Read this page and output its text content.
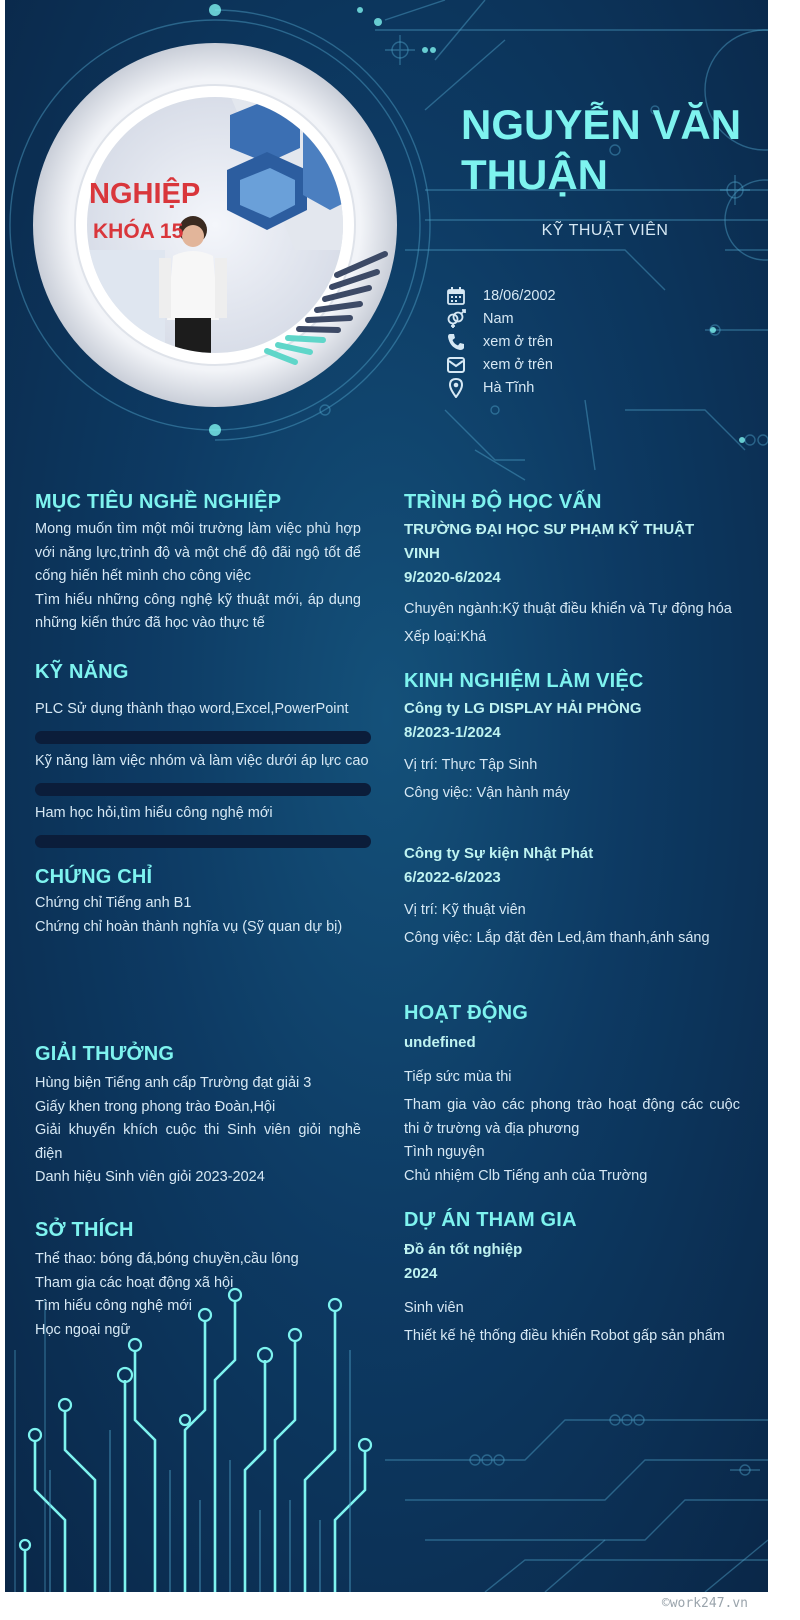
NGHIỆP
KHÓA 15
NGUYỄN VĂN THUẬN
KỸ THUẬT VIÊN
18/06/2002
Nam
xem ở trên
xem ở trên
Hà Tĩnh
MỤC TIÊU NGHỀ NGHIỆP
Mong muốn tìm một môi trường làm việc phù hợp với năng lực,trình độ và một chế độ đãi ngộ tốt để cống hiến hết mình cho công việc
Tìm hiểu những công nghệ kỹ thuật mới, áp dụng những kiến thức đã học vào thực tế
KỸ NĂNG
PLC Sử dụng thành thạo word,Excel,PowerPoint
Kỹ năng làm việc nhóm và làm việc dưới áp lực cao
Ham học hỏi,tìm hiểu công nghệ mới
CHỨNG CHỈ
Chứng chỉ Tiếng anh B1
Chứng chỉ hoàn thành nghĩa vụ (Sỹ quan dự bị)
GIẢI THƯỞNG
Hùng biện Tiếng anh cấp Trường đạt giải 3
Giấy khen trong phong trào Đoàn,Hội
Giải khuyến khích cuộc thi Sinh viên giỏi nghề điện
Danh hiệu Sinh viên giỏi 2023-2024
SỞ THÍCH
Thể thao: bóng đá,bóng chuyền,cầu lông
Tham gia các hoạt động xã hội
Tìm hiểu công nghệ mới
Học ngoại ngữ
TRÌNH ĐỘ HỌC VẤN
TRƯỜNG ĐẠI HỌC SƯ PHẠM KỸ THUẬT
VINH
9/2020-6/2024
Chuyên ngành:Kỹ thuật điều khiển và Tự động hóa
Xếp loại:Khá
KINH NGHIỆM LÀM VIỆC
Công ty LG DISPLAY HẢI PHÒNG
8/2023-1/2024
Vị trí: Thực Tập Sinh
Công việc: Vận hành máy
Công ty Sự kiện Nhật Phát
6/2022-6/2023
Vị trí: Kỹ thuật viên
Công việc: Lắp đặt đèn Led,âm thanh,ánh sáng
HOẠT ĐỘNG
undefined
Tiếp sức mùa thi
Tham gia vào các phong trào hoạt động các cuộc thi ở trường và địa phương
Tình nguyện
Chủ nhiệm Clb Tiếng anh của Trường
DỰ ÁN THAM GIA
Đồ án tốt nghiệp
2024
Sinh viên
Thiết kế hệ thống điều khiển Robot gấp sản phẩm
©work247.vn
